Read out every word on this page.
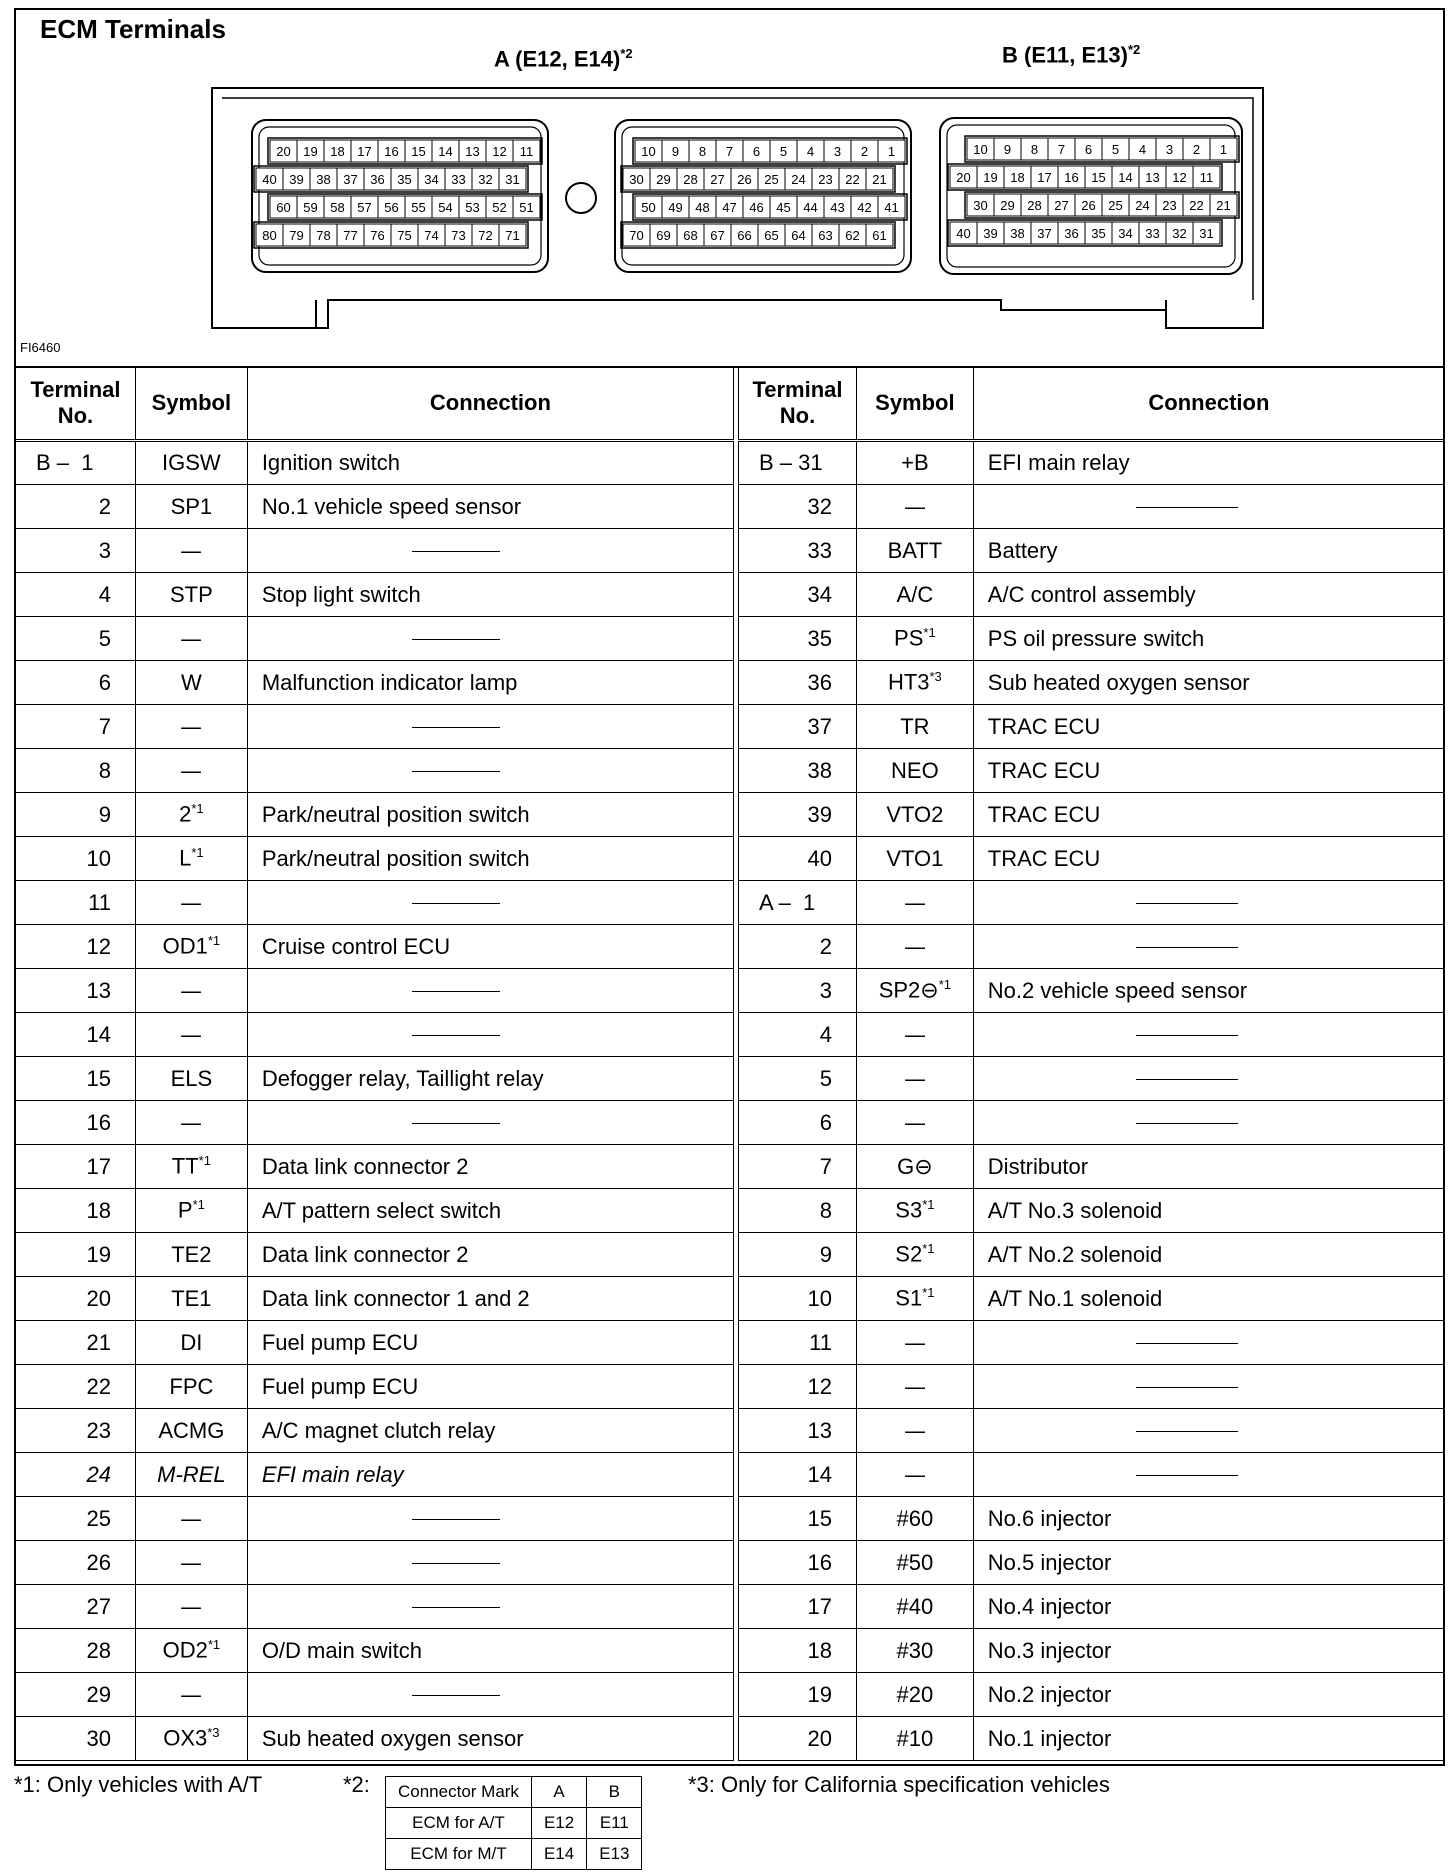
ECM Terminals
A (E12, E14)$^{*2}$	B (E11, E13)$^{*2}$
20 19 18 17 16 15 14 13 12 11
40 39 38 37 36 35 34 33 32 31
60 59 58 57 56 55 54 53 52 51
80 79 78 77 76 75 74 73 72 71
10 9 8 7 6 5 4 3 2 1
30 29 28 27 26 25 24 23 22 21
50 49 48 47 46 45 44 43 42 41
70 69 68 67 66 65 64 63 62 61
10 9 8 7 6 5 4 3 2 1
20 19 18 17 16 15 14 13 12 11
30 29 28 27 26 25 24 23 22 21
40 39 38 37 36 35 34 33 32 31
FI6460
Terminal
No.	Symbol	Connection
B –  1	IGSW	Ignition switch
2	SP1	No.1 vehicle speed sensor
3	—	
4	STP	Stop light switch
5	—	
6	W	Malfunction indicator lamp
7	—	
8	—	
9	2$^{*1}$	Park/neutral position switch
10	$L^{*1}$	Park/neutral position switch
11	—	
12	OD1$^{*1}$	Cruise control ECU
13	—	
14	—	
15	ELS	Defogger relay, Taillight relay
16	—	
17	TT$^{*1}$	Data link connector 2
18	$P^{*1}$	A/T pattern select switch
19	TE2	Data link connector 2
20	TE1	Data link connector 1 and 2
21	DI	Fuel pump ECU
22	FPC	Fuel pump ECU
23	ACMG	A/C magnet clutch relay
24	M-REL	EFI main relay
25	—	
26	—	
27	—	
28	OD2$^{*1}$	O/D main switch
29	—	
30	OX3$^{*3}$	Sub heated oxygen sensor
Terminal
No.	Symbol	Connection
B – 31	+B	EFI main relay
32	—	
33	BATT	Battery
34	A/C	A/C control assembly
35	PS$^{*1}$	PS oil pressure switch
36	HT3$^{*3}$	Sub heated oxygen sensor
37	TR	TRAC ECU
38	NEO	TRAC ECU
39	VTO2	TRAC ECU
40	VTO1	TRAC ECU
A –  1	—	
2	—	
3	SP2⊖$^{*1}$	No.2 vehicle speed sensor
4	—	
5	—	
6	—	
7	G⊖	Distributor
8	S3$^{*1}$	A/T No.3 solenoid
9	S2$^{*1}$	A/T No.2 solenoid
10	S1$^{*1}$	A/T No.1 solenoid
11	—	
12	—	
13	—	
14	—	
15	#60	No.6 injector
16	#50	No.5 injector
17	#40	No.4 injector
18	#30	No.3 injector
19	#20	No.2 injector
20	#10	No.1 injector
*1: Only vehicles with A/T	*2:	*3: Only for California specification vehicles
Connector Mark	A	B
ECM for A/T	E12	E11
ECM for M/T	E14	E13
